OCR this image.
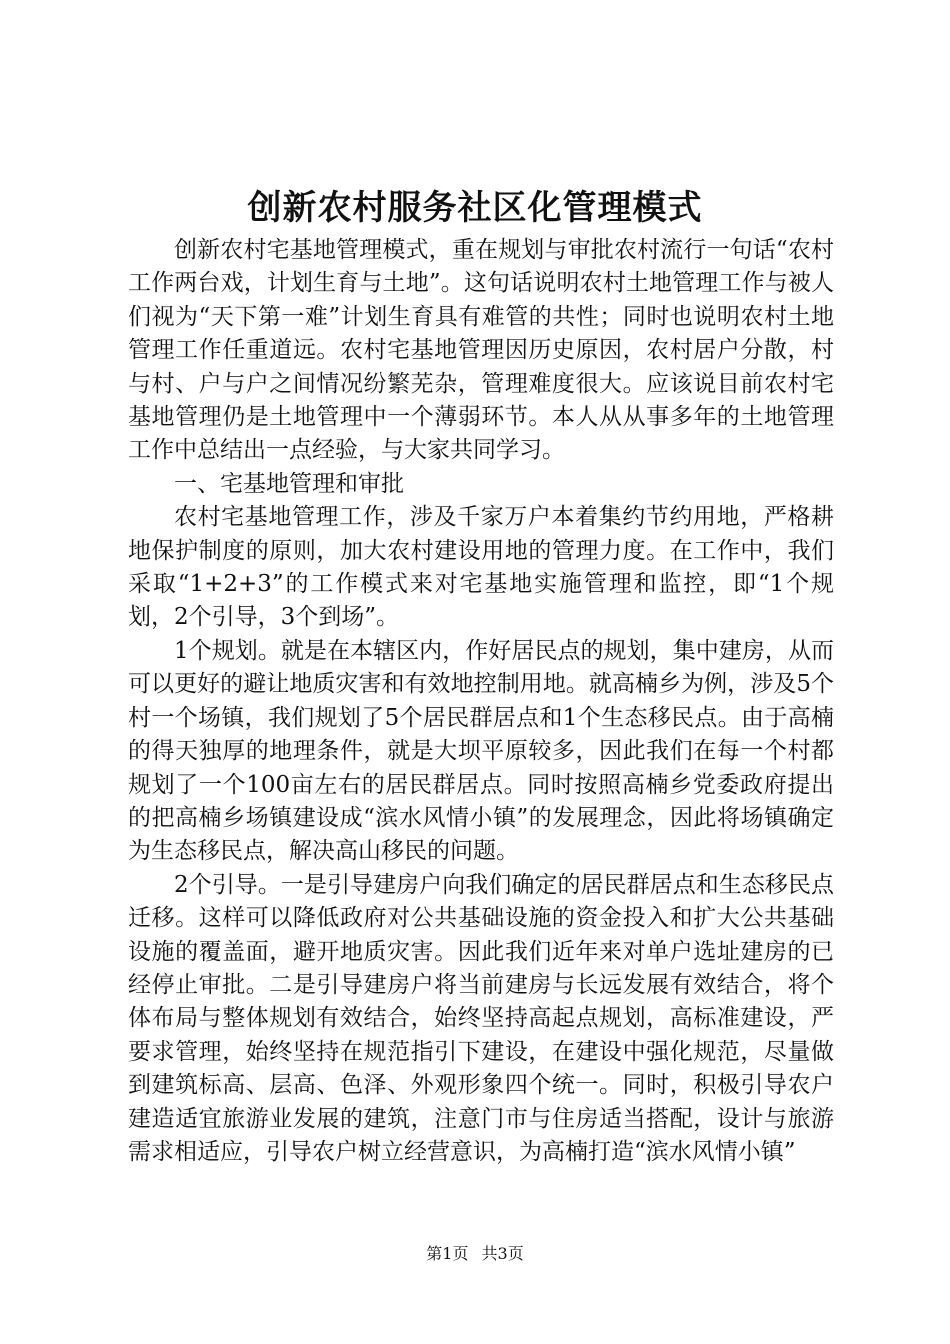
创新农村服务社区化管理模式

创新农村宅基地管理模式，重在规划与审批农村流行一句话“农村工作两台戏，计划生育与土地”。这句话说明农村土地管理工作与被人们视为“天下第一难”计划生育具有难管的共性；同时也说明农村土地管理工作任重道远。农村宅基地管理因历史原因，农村居户分散，村与村、户与户之间情况纷繁芜杂，管理难度很大。应该说目前农村宅基地管理仍是土地管理中一个薄弱环节。本人从从事多年的土地管理工作中总结出一点经验，与大家共同学习。

一、宅基地管理和审批

农村宅基地管理工作，涉及千家万户本着集约节约用地，严格耕地保护制度的原则，加大农村建设用地的管理力度。在工作中，我们采取“1+2+3”的工作模式来对宅基地实施管理和监控，即“1个规划，2个引导，3个到场”。

1个规划。就是在本辖区内，作好居民点的规划，集中建房，从而可以更好的避让地质灾害和有效地控制用地。就高楠乡为例，涉及5个村一个场镇，我们规划了5个居民群居点和1个生态移民点。由于高楠的得天独厚的地理条件，就是大坝平原较多，因此我们在每一个村都规划了一个100亩左右的居民群居点。同时按照高楠乡党委政府提出的把高楠乡场镇建设成“滨水风情小镇”的发展理念，因此将场镇确定为生态移民点，解决高山移民的问题。

2个引导。一是引导建房户向我们确定的居民群居点和生态移民点迁移。这样可以降低政府对公共基础设施的资金投入和扩大公共基础设施的覆盖面，避开地质灾害。因此我们近年来对单户选址建房的已经停止审批。二是引导建房户将当前建房与长远发展有效结合，将个体布局与整体规划有效结合，始终坚持高起点规划，高标准建设，严要求管理，始终坚持在规范指引下建设，在建设中强化规范，尽量做到建筑标高、层高、色泽、外观形象四个统一。同时，积极引导农户建造适宜旅游业发展的建筑，注意门市与住房适当搭配，设计与旅游需求相适应，引导农户树立经营意识，为高楠打造“滨水风情小镇”

第1页 共3页
